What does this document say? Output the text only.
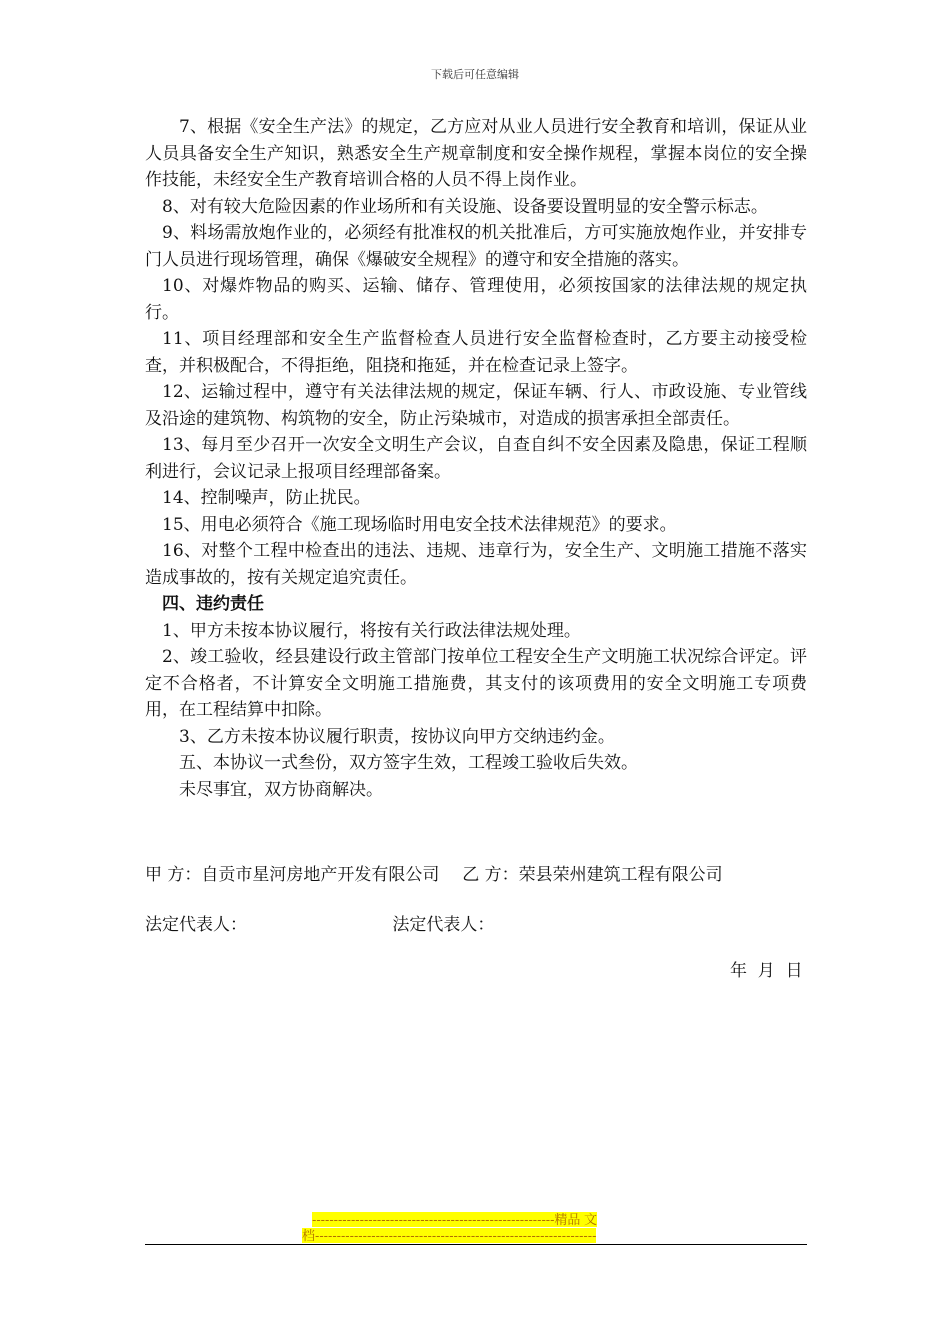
下载后可任意编辑

7、根据《安全生产法》的规定，乙方应对从业人员进行安全教育和培训，保证从业人员具备安全生产知识，熟悉安全生产规章制度和安全操作规程，掌握本岗位的安全操作技能，未经安全生产教育培训合格的人员不得上岗作业。

8、对有较大危险因素的作业场所和有关设施、设备要设置明显的安全警示标志。

9、料场需放炮作业的，必须经有批准权的机关批准后，方可实施放炮作业，并安排专门人员进行现场管理，确保《爆破安全规程》的遵守和安全措施的落实。

10、对爆炸物品的购买、运输、储存、管理使用，必须按国家的法律法规的规定执行。

11、项目经理部和安全生产监督检查人员进行安全监督检查时，乙方要主动接受检查，并积极配合，不得拒绝，阻挠和拖延，并在检查记录上签字。

12、运输过程中，遵守有关法律法规的规定，保证车辆、行人、市政设施、专业管线及沿途的建筑物、构筑物的安全，防止污染城市，对造成的损害承担全部责任。

13、每月至少召开一次安全文明生产会议，自查自纠不安全因素及隐患，保证工程顺利进行，会议记录上报项目经理部备案。

14、控制噪声，防止扰民。

15、用电必须符合《施工现场临时用电安全技术法律规范》的要求。

16、对整个工程中检查出的违法、违规、违章行为，安全生产、文明施工措施不落实造成事故的，按有关规定追究责任。

四、违约责任

1、甲方未按本协议履行，将按有关行政法律法规处理。

2、竣工验收，经县建设行政主管部门按单位工程安全生产文明施工状况综合评定。评定不合格者，不计算安全文明施工措施费，其支付的该项费用的安全文明施工专项费用，在工程结算中扣除。

3、乙方未按本协议履行职责，按协议向甲方交纳违约金。

五、本协议一式叁份，双方签字生效，工程竣工验收后失效。

未尽事宜，双方协商解决。

甲 方：自贡市星河房地产开发有限公司 乙 方：荣县荣州建筑工程有限公司
法定代表人：	法定代表人：
年  月  日
--------------------------------------------------------精品 文
档-----------------------------------------------------------------
